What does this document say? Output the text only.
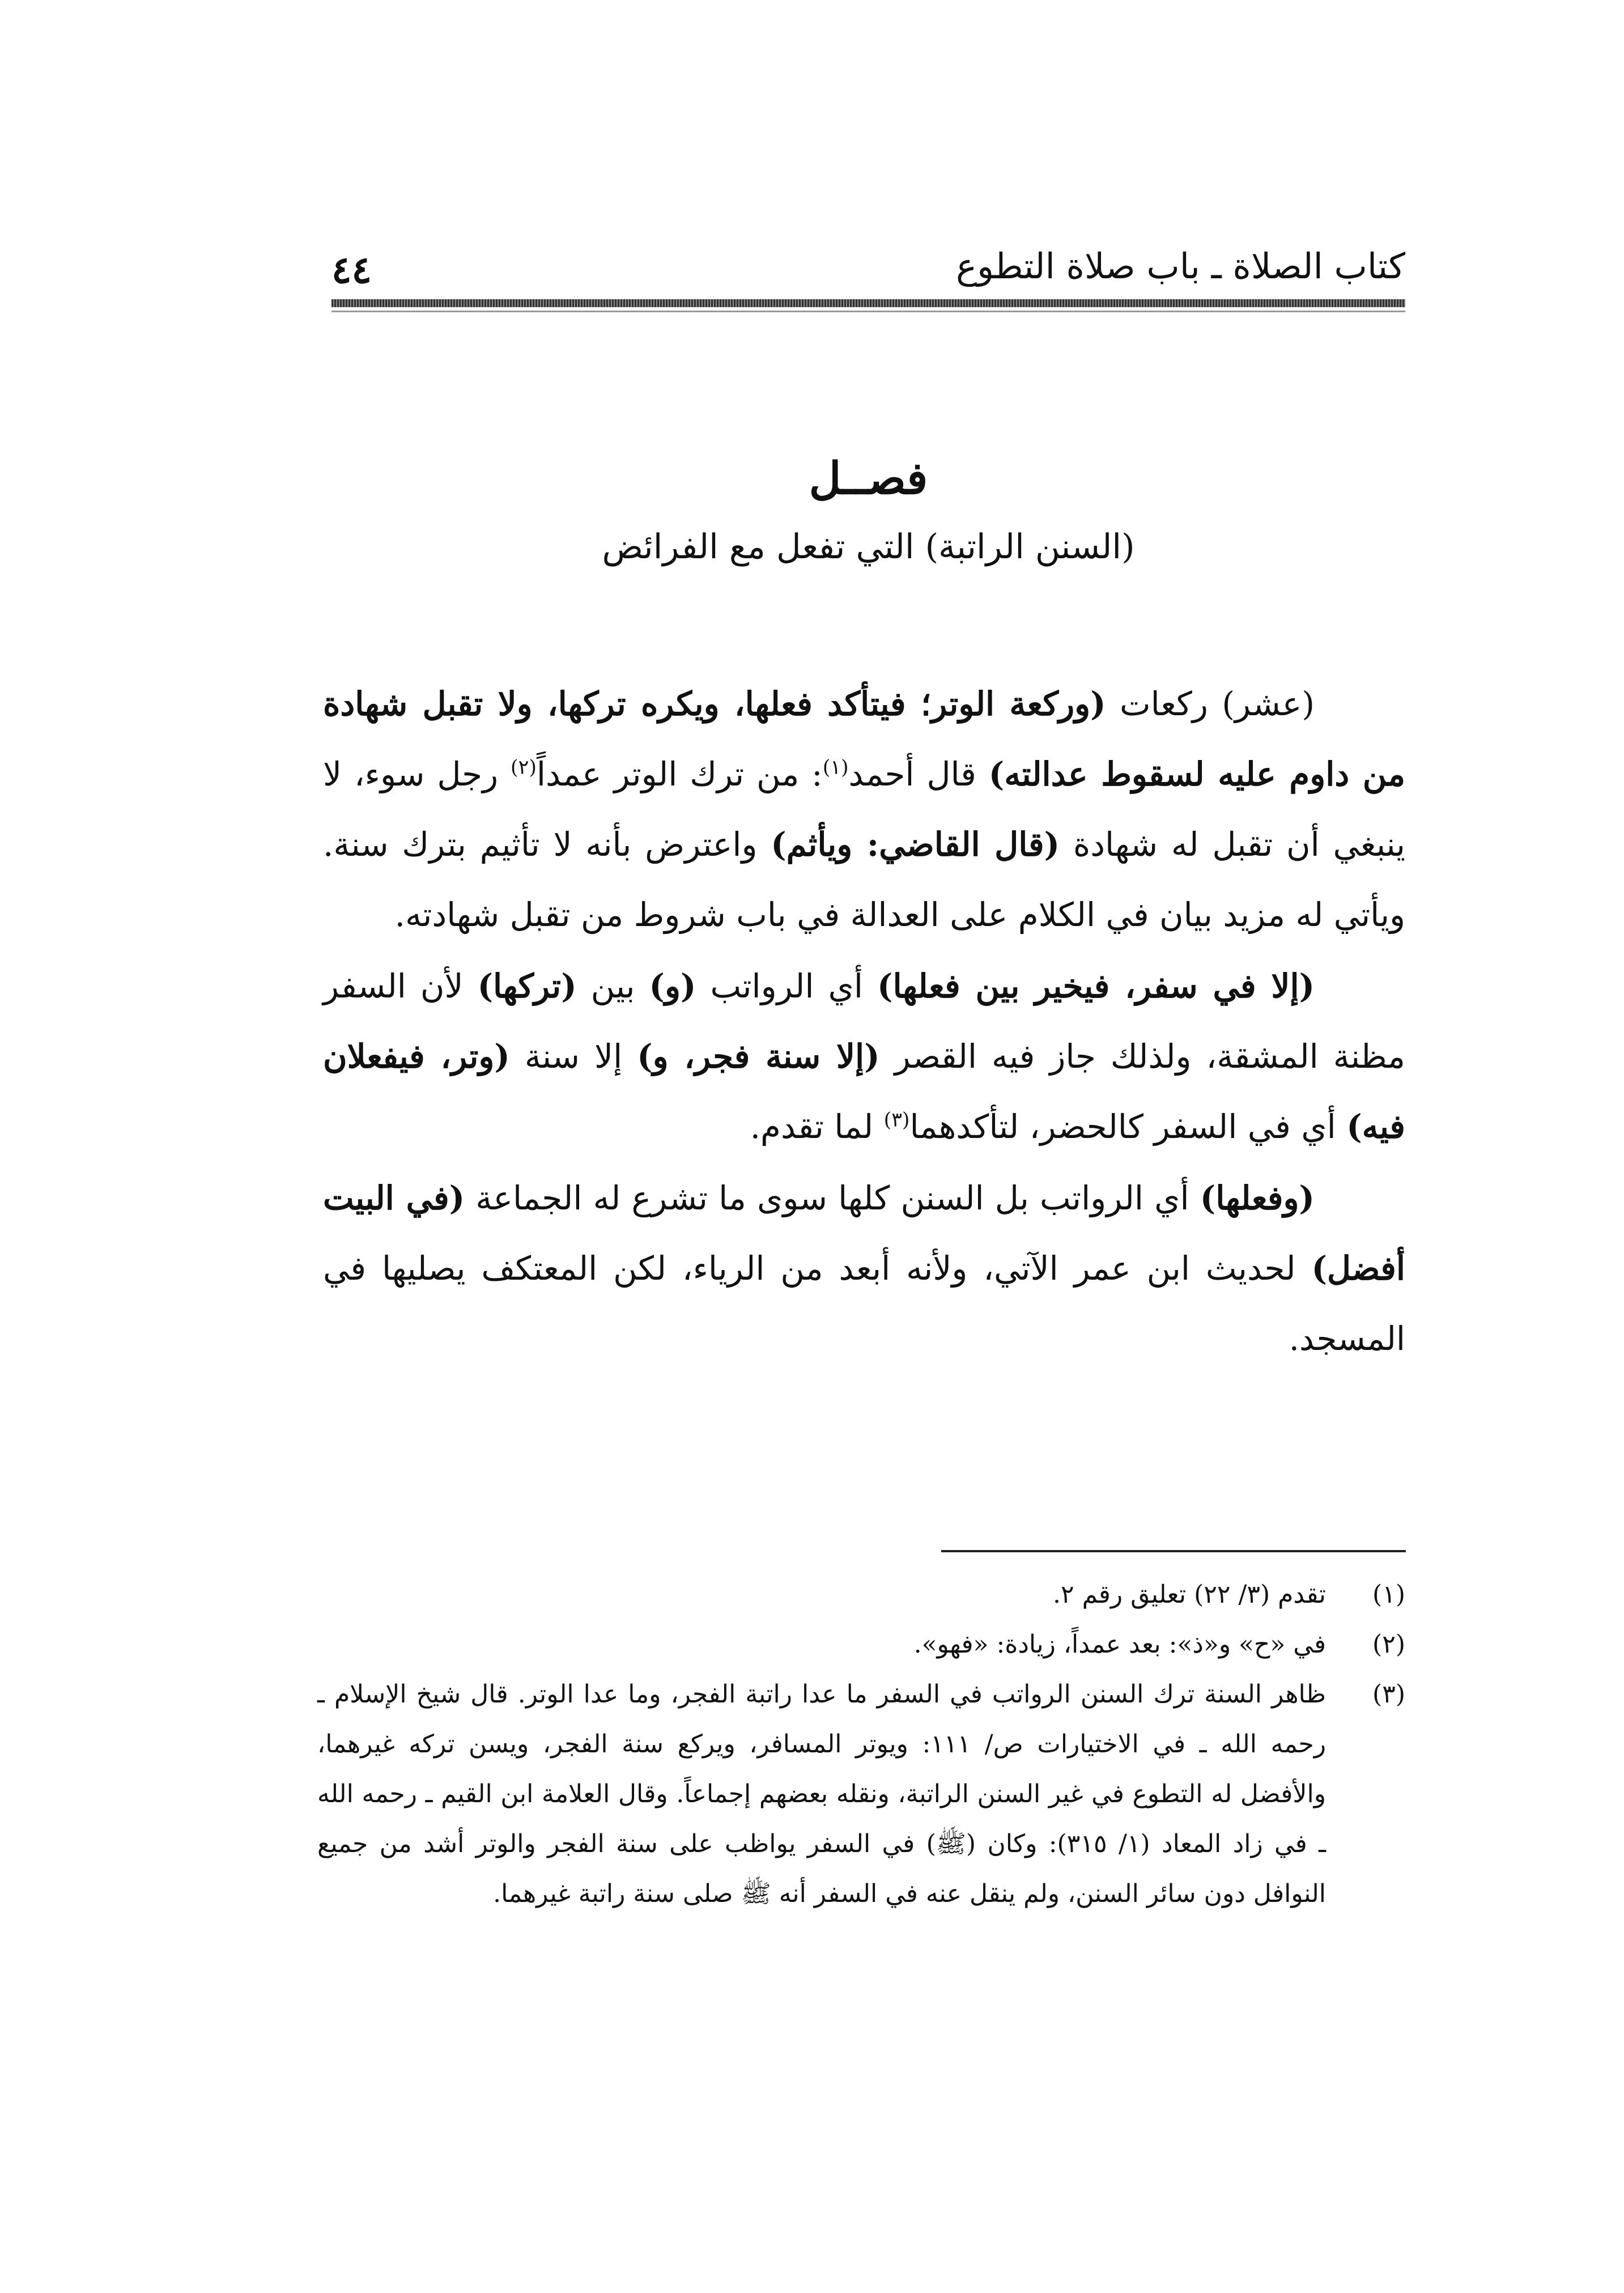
كتاب الصلاة ـ باب صلاة التطوع
٤٤
فصــل
(السنن الراتبة) التي تفعل مع الفرائض

(عشر) ركعات (وركعة الوتر؛ فيتأكد فعلها، ويكره تركها، ولا تقبل شهادة من داوم عليه لسقوط عدالته) قال أحمد$^{(١)}$: من ترك الوتر عمداً$^{(٢)}$ رجل سوء، لا ينبغي أن تقبل له شهادة (قال القاضي: ويأثم) واعترض بأنه لا تأثيم بترك سنة. ويأتي له مزيد بيان في الكلام على العدالة في باب شروط من تقبل شهادته.

(إلا في سفر، فيخير بين فعلها) أي الرواتب (و) بين (تركها) لأن السفر مظنة المشقة، ولذلك جاز فيه القصر (إلا سنة فجر، و) إلا سنة (وتر، فيفعلان فيه) أي في السفر كالحضر، لتأكدهما$^{(٣)}$ لما تقدم.

(وفعلها) أي الرواتب بل السنن كلها سوى ما تشرع له الجماعة (في البيت أفضل) لحديث ابن عمر الآتي، ولأنه أبعد من الرياء، لكن المعتكف يصليها في المسجد.

(١)
تقدم (٣/ ٢٢) تعليق رقم ٢.
(٢)
في «ح» و«ذ»: بعد عمداً، زيادة: «فهو».
(٣)
ظاهر السنة ترك السنن الرواتب في السفر ما عدا راتبة الفجر، وما عدا الوتر. قال شيخ الإسلام ـ رحمه الله ـ في الاختيارات ص/ ١١١: ويوتر المسافر، ويركع سنة الفجر، ويسن تركه غيرهما، والأفضل له التطوع في غير السنن الراتبة، ونقله بعضهم إجماعاً. وقال العلامة ابن القيم ـ رحمه الله ـ في زاد المعاد (١/ ٣١٥): وكان (ﷺ) في السفر يواظب على سنة الفجر والوتر أشد من جميع النوافل دون سائر السنن، ولم ينقل عنه في السفر أنه ﷺ صلى سنة راتبة غيرهما.
